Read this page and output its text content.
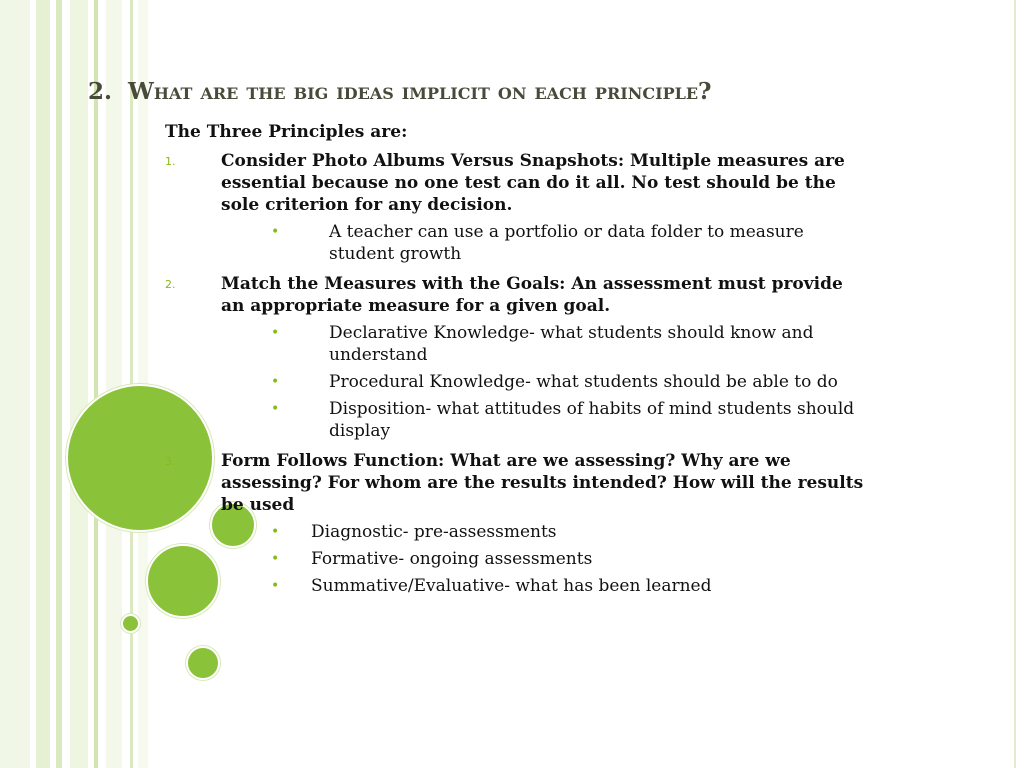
2. What are the big ideas implicit on each principle?

The Three Principles are:

1.	Consider Photo Albums Versus Snapshots: Multiple measures are essential because no one test can do it all. No test should be the sole criterion for any decision.
•	A teacher can use a portfolio or data folder to measure student growth
2.	Match the Measures with the Goals: An assessment must provide an appropriate measure for a given goal.
•	Declarative Knowledge- what students should know and understand
•	Procedural Knowledge- what students should be able to do
•	Disposition- what attitudes of habits of mind students should display
3.	Form Follows Function: What are we assessing? Why are we assessing? For whom are the results intended? How will the results be used
• Diagnostic- pre-assessments
• Formative- ongoing assessments
• Summative/Evaluative- what has been learned
